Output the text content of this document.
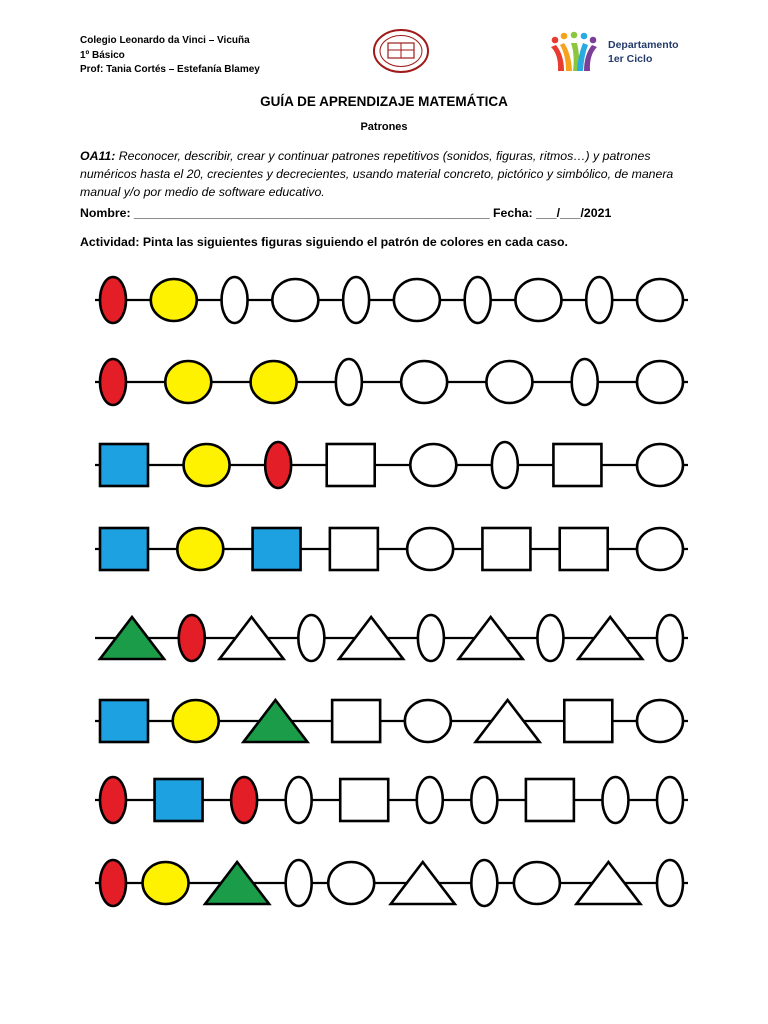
Colegio Leonardo da Vinci – Vicuña
1º Básico
Prof: Tania Cortés – Estefanía Blamey
Departamento
1er Ciclo
GUÍA DE APRENDIZAJE MATEMÁTICA
Patrones
OA11: Reconocer, describir, crear y continuar patrones repetitivos (sonidos, figuras, ritmos…) y patrones numéricos hasta el 20, crecientes y decrecientes, usando material concreto, pictórico y simbólico, de manera manual y/o por medio de software educativo.
Nombre: ____________________________________________________ Fecha: ___/___/2021
Actividad: Pinta las siguientes figuras siguiendo el patrón de colores en cada caso.
